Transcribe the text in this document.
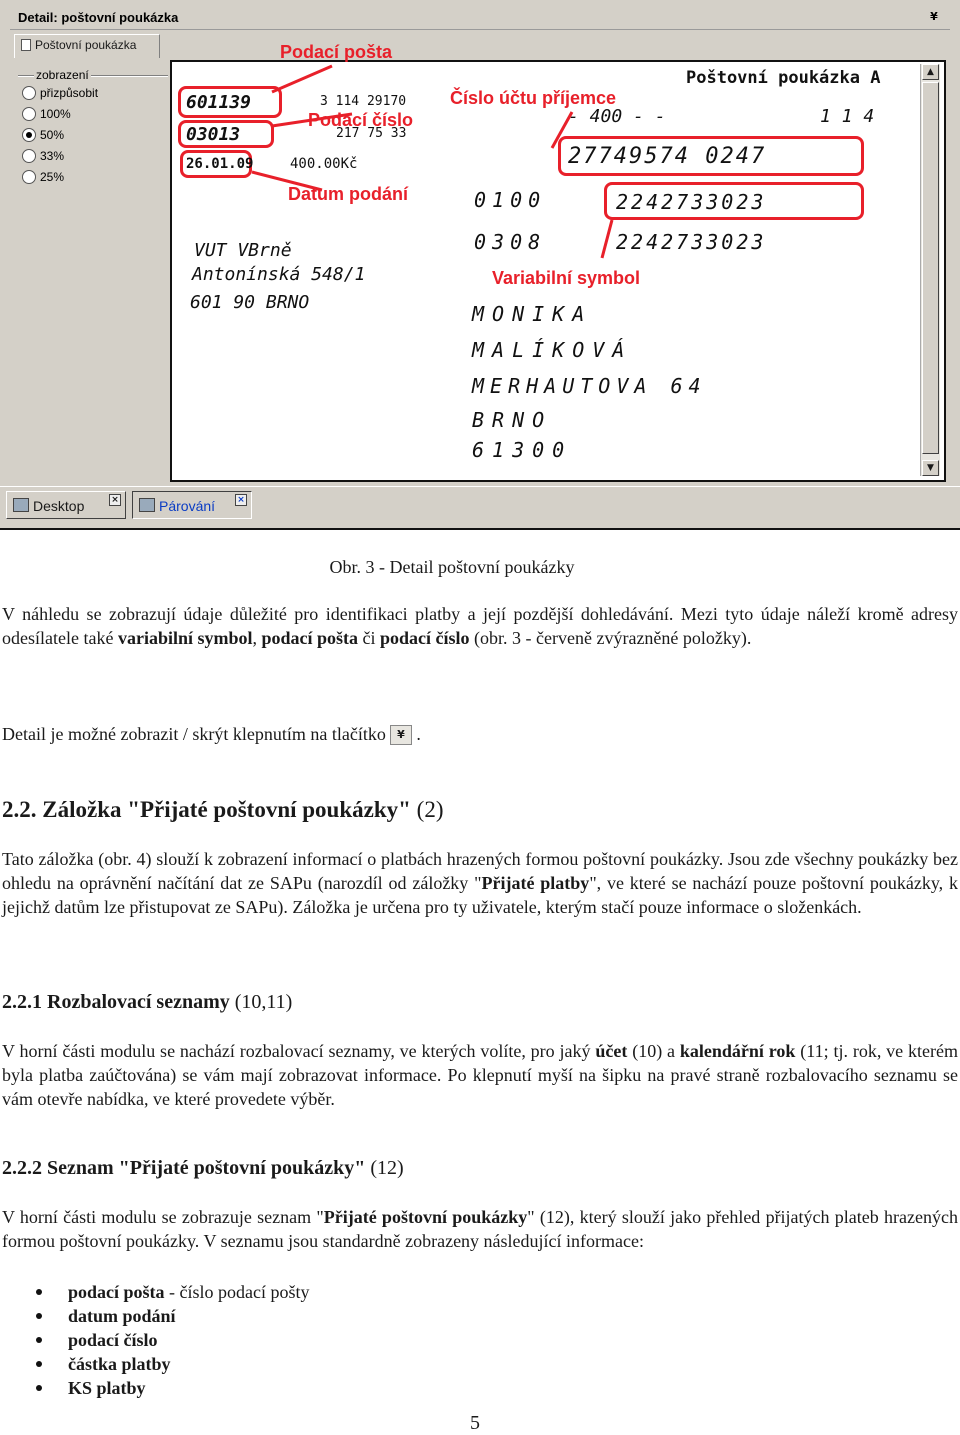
Detail: poštovní poukázka	¥
Poštovní poukázka
zobrazení
přizpůsobit
100%
50%
33%
25%
Poštovní poukázka A
Podací pošta
601139
03013
Podací číslo
26.01.09
Datum podání
3 114 29170
217 75 33
400.00Kč
VUT VBrně
Antonínská 548/1
601 90 BRNO
Číslo účtu příjemce
- 400 - -	1 1 4
27749574 0247
0100	2242733023
0308	2242733023
Variabilní symbol
MONIKA
MALÍKOVÁ
MERHAUTOVA 64
BRNO
61300
▲
▼
Desktop	×	Párování ×
Obr. 3 - Detail poštovní poukázky

V náhledu se zobrazují údaje důležité pro identifikaci platby a její pozdější dohledávání. Mezi tyto údaje náleží kromě adresy odesílatele také variabilní symbol, podací pošta či podací číslo (obr. 3 - červeně zvýrazněné položky).

Detail je možné zobrazit / skrýt klepnutím na tlačítko ¥ .

2.2. Záložka "Přijaté poštovní poukázky" (2)

Tato záložka (obr. 4) slouží k zobrazení informací o platbách hrazených formou poštovní poukázky. Jsou zde všechny poukázky bez ohledu na oprávnění načítání dat ze SAPu (narozdíl od záložky "Přijaté platby", ve které se nachází pouze poštovní poukázky, k jejichž datům lze přistupovat ze SAPu). Záložka je určena pro ty uživatele, kterým stačí pouze informace o složenkách.

2.2.1 Rozbalovací seznamy (10,11)

V horní části modulu se nachází rozbalovací seznamy, ve kterých volíte, pro jaký účet (10) a kalendářní rok (11; tj. rok, ve kterém byla platba zaúčtována) se vám mají zobrazovat informace. Po klepnutí myší na šipku na pravé straně rozbalovacího seznamu se vám otevře nabídka, ve které provedete výběr.

2.2.2 Seznam "Přijaté poštovní poukázky" (12)

V horní části modulu se zobrazuje seznam "Přijaté poštovní poukázky" (12), který slouží jako přehled přijatých plateb hrazených formou poštovní poukázky. V seznamu jsou standardně zobrazeny následující informace:

podací pošta - číslo podací pošty
datum podání
podací číslo
částka platby
KS platby
5
